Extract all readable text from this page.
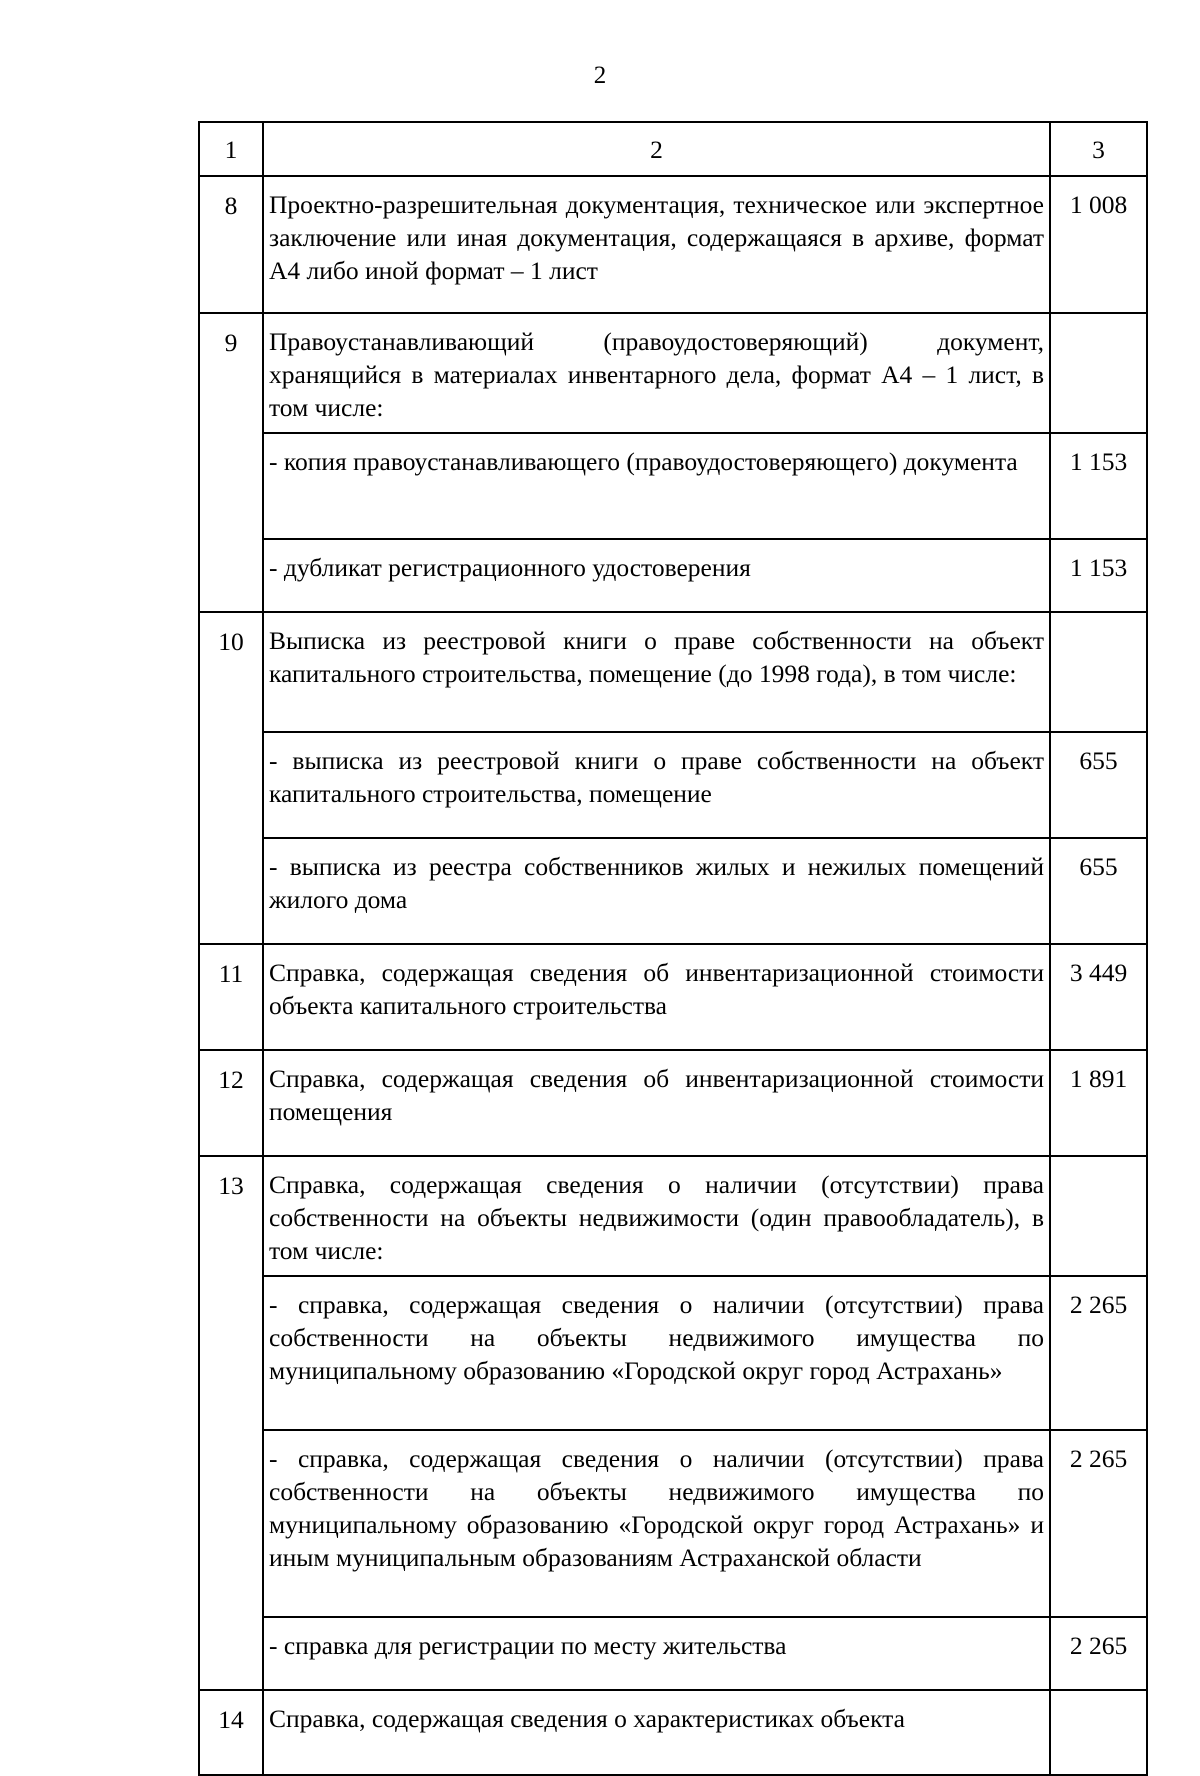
2
1	2	3
8	Проектно-разрешительная документация, техническое или экспертное заключение или иная документация, содержащаяся в архиве, формат А4 либо иной формат – 1 лист	1 008
9	Правоустанавливающий (правоудостоверяющий) документ, хранящийся в материалах инвентарного дела, формат А4 – 1 лист, в том числе:	
	- копия правоустанавливающего (правоудостоверяющего) документа	1 153
	- дубликат регистрационного удостоверения	1 153
10	Выписка из реестровой книги о праве собственности на объект капитального строительства, помещение (до 1998 года), в том числе:	
	- выписка из реестровой книги о праве собственности на объект капитального строительства, помещение	655
	- выписка из реестра собственников жилых и нежилых помещений жилого дома	655
11	Справка, содержащая сведения об инвентаризационной стоимости объекта капитального строительства	3 449
12	Справка, содержащая сведения об инвентаризационной стоимости помещения	1 891
13	Справка, содержащая сведения о наличии (отсутствии) права собственности на объекты недвижимости (один правообладатель), в том числе:	
	- справка, содержащая сведения о наличии (отсутствии) права собственности на объекты недвижимого имущества по муниципальному образованию «Городской округ город Астрахань»	2 265
	- справка, содержащая сведения о наличии (отсутствии) права собственности на объекты недвижимого имущества по муниципальному образованию «Городской округ город Астрахань» и иным муниципальным образованиям Астраханской области	2 265
	- справка для регистрации по месту жительства	2 265
14	Справка, содержащая сведения о характеристиках объекта	
